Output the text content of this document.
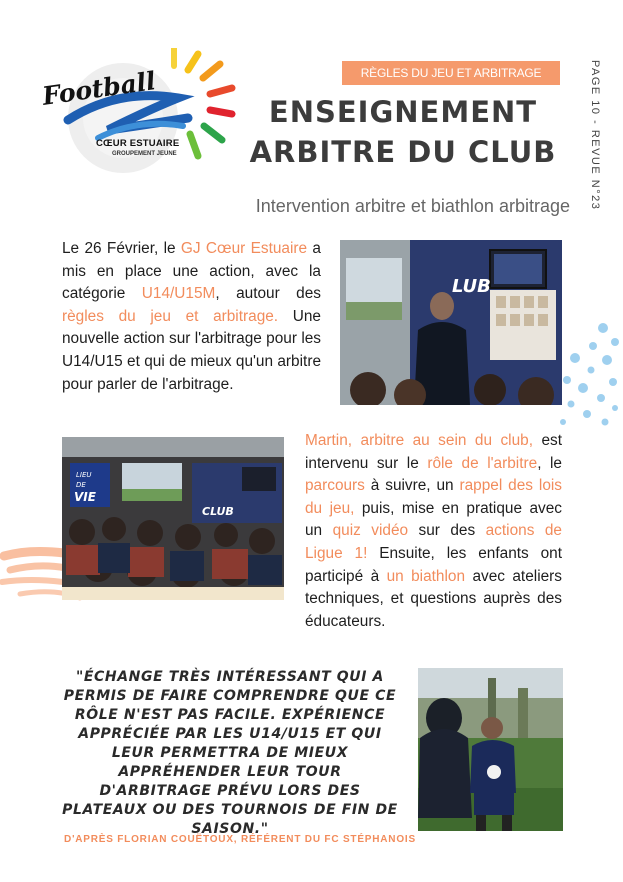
Football
CŒUR ESTUAIRE
GROUPEMENT JEUNE
RÈGLES DU JEU ET ARBITRAGE	PAGE 10 - REVUE N°23
ENSEIGNEMENT
ARBITRE DU CLUB
Intervention arbitre et biathlon arbitrage
Le 26 Février, le GJ Cœur Estuaire a mis en place une action, avec la catégorie U14/U15M, autour des règles du jeu et arbitrage. Une nouvelle action sur l'arbitrage pour les U14/U15 et qui de mieux qu'un arbitre pour parler de l'arbitrage.
LUB
LIEU
DE
VIE
CLUB
Martin, arbitre au sein du club, est intervenu sur le rôle de l'arbitre, le parcours à suivre, un rappel des lois du jeu, puis, mise en pratique avec un quiz vidéo sur des actions de Ligue 1! Ensuite, les enfants ont participé à un biathlon avec ateliers techniques, et questions auprès des éducateurs.
"ÉCHANGE TRÈS INTÉRESSANT QUI A PERMIS DE FAIRE COMPRENDRE QUE CE RÔLE N'EST PAS FACILE. EXPÉRIENCE APPRÉCIÉE PAR LES U14/U15 ET QUI LEUR PERMETTRA DE MIEUX APPRÉHENDER LEUR TOUR D'ARBITRAGE PRÉVU LORS DES PLATEAUX OU DES TOURNOIS DE FIN DE SAISON."
D'APRÈS FLORIAN COUËTOUX, RÉFÉRENT DU FC STÉPHANOIS
